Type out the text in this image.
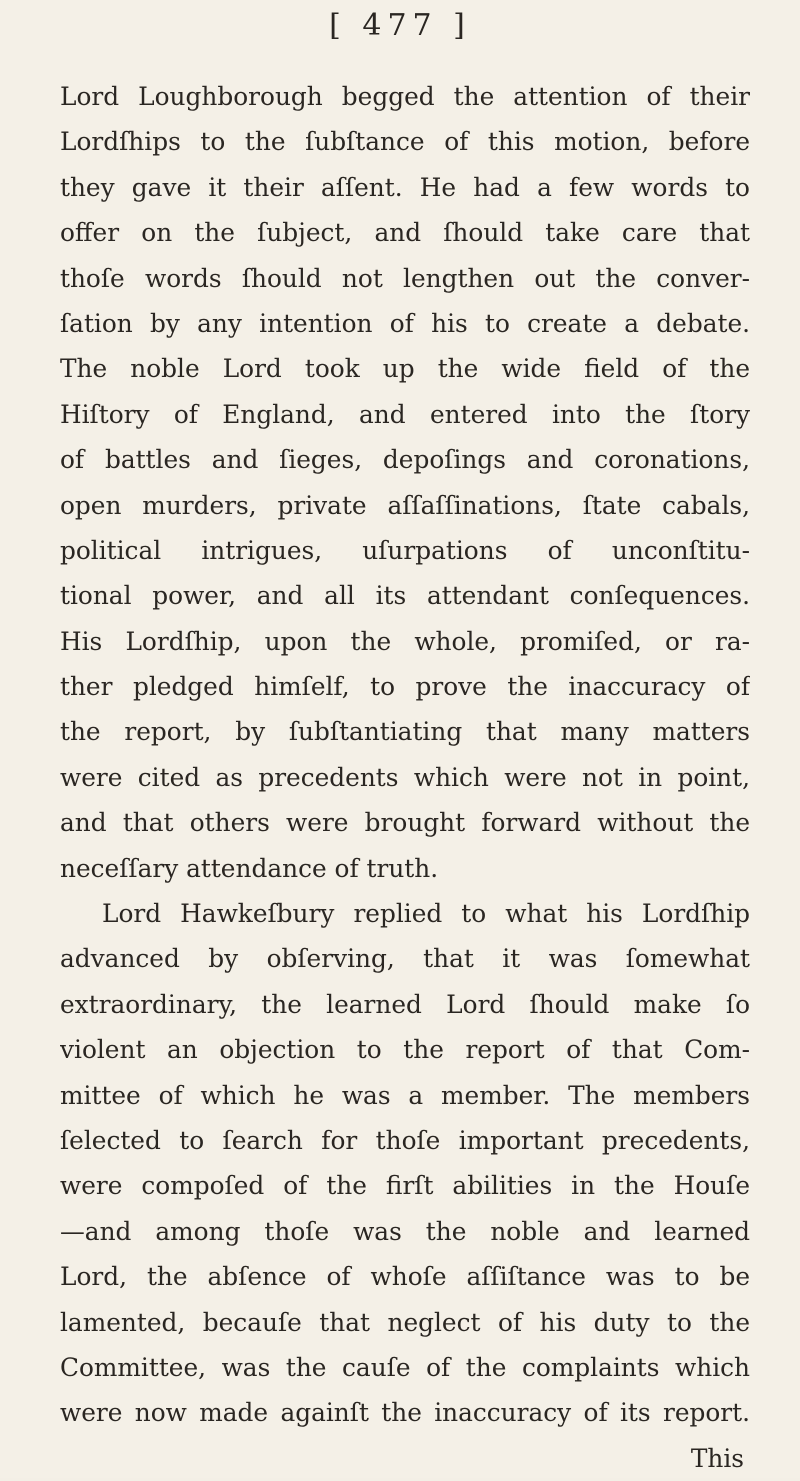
[ 477 ]
Lord Loughborough begged the attention of their
Lordſhips to the ſubſtance of this motion, before
they gave it their aſſent. He had a few words to
offer on the ſubject, and ſhould take care that
thoſe words ſhould not lengthen out the conver-
ſation by any intention of his to create a debate.
The noble Lord took up the wide field of the
Hiſtory of England, and entered into the ſtory
of battles and ſieges, depoſings and coronations,
open murders, private aſſaſſinations, ſtate cabals,
political intrigues, uſurpations of unconſtitu-
tional power, and all its attendant conſequences.
His Lordſhip, upon the whole, promiſed, or ra-
ther pledged himſelf, to prove the inaccuracy of
the report, by ſubſtantiating that many matters
were cited as precedents which were not in point,
and that others were brought forward without the
neceſſary attendance of truth.
Lord Hawkeſbury replied to what his Lordſhip
advanced by obſerving, that it was ſomewhat
extraordinary, the learned Lord ſhould make ſo
violent an objection to the report of that Com-
mittee of which he was a member. The members
ſelected to ſearch for thoſe important precedents,
were compoſed of the firſt abilities in the Houſe
—and among thoſe was the noble and learned
Lord, the abſence of whoſe aſſiſtance was to be
lamented, becauſe that neglect of his duty to the
Committee, was the cauſe of the complaints which
were now made againſt the inaccuracy of its report.
This
